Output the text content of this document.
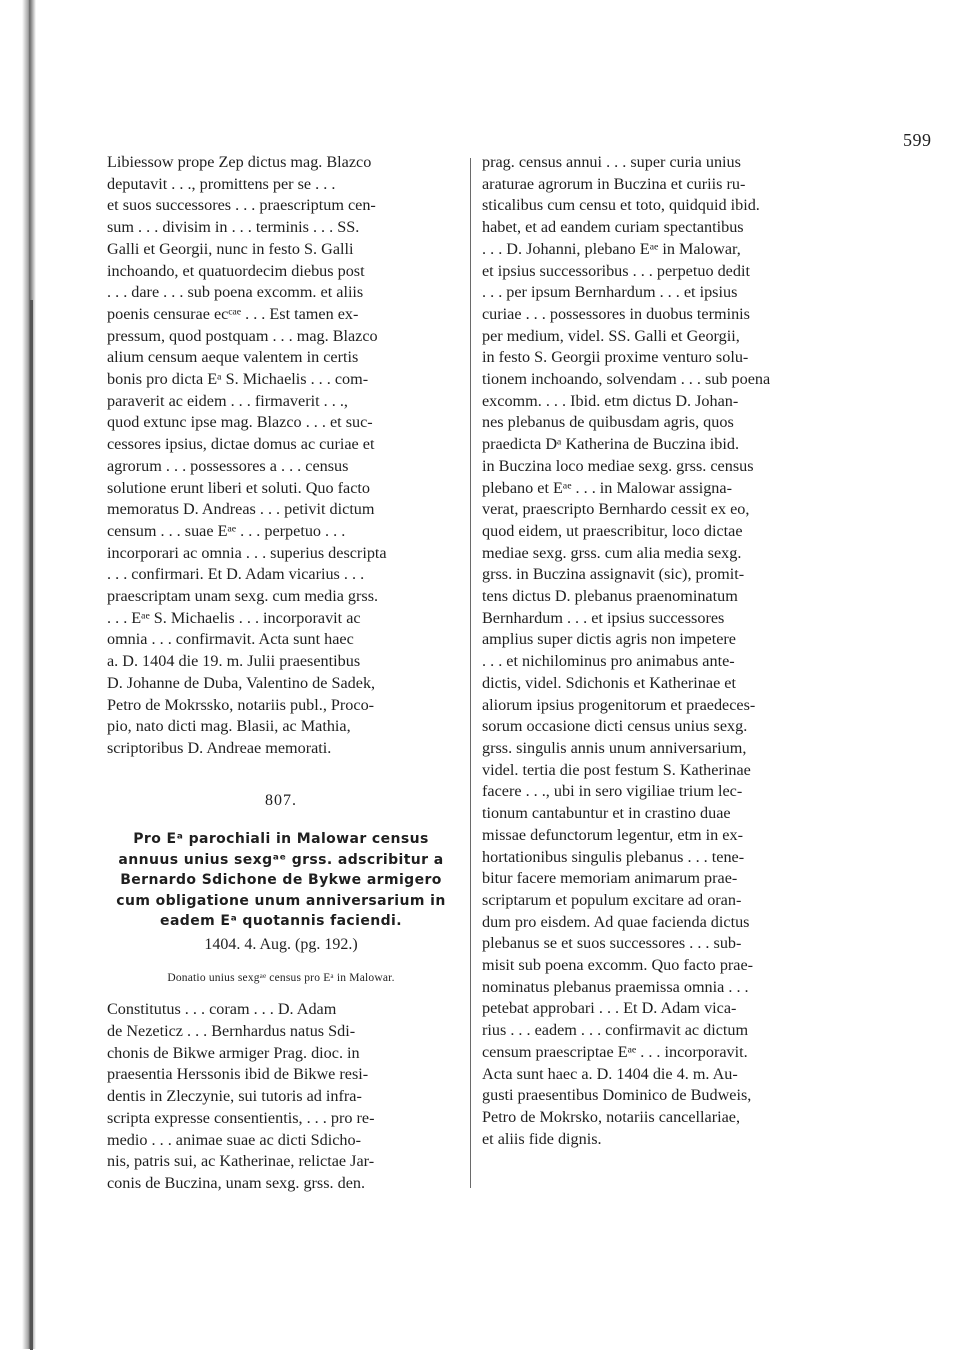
599

Libiessow prope Zep dictus mag. Blazco
deputavit . . ., promittens per se . . .
et suos successores . . . praescriptum cen-
sum . . . divisim in . . . terminis . . . SS.
Galli et Georgii, nunc in festo S. Galli
inchoando, et quatuordecim diebus post
. . . dare . . . sub poena excomm. et aliis
poenis censurae ecᶜᵃᵉ . . . Est tamen ex-
pressum, quod postquam . . . mag. Blazco
alium censum aeque valentem in certis
bonis pro dicta Eᵃ S. Michaelis . . . com-
paraverit ac eidem . . . firmaverit . . .,
quod extunc ipse mag. Blazco . . . et suc-
cessores ipsius, dictae domus ac curiae et
agrorum . . . possessores a . . . census
solutione erunt liberi et soluti. Quo facto
memoratus D. Andreas . . . petivit dictum
censum . . . suae Eᵃᵉ . . . perpetuo . . .
incorporari ac omnia . . . superius descripta
. . . confirmari. Et D. Adam vicarius . . .
praescriptam unam sexg. cum media grss.
. . . Eᵃᵉ S. Michaelis . . . incorporavit ac
omnia . . . confirmavit. Acta sunt haec
a. D. 1404 die 19. m. Julii praesentibus
D. Johanne de Duba, Valentino de Sadek,
Petro de Mokrssko, notariis publ., Proco-
pio, nato dicti mag. Blasii, ac Mathia,
scriptoribus D. Andreae memorati.

807.

Pro Eᵃ parochiali in Malowar census
annuus unius sexgᵃᵉ grss. adscribitur a
Bernardo Sdichone de Bykwe armigero
cum obligatione unum anniversarium in
eadem Eᵃ quotannis faciendi.

1404. 4. Aug. (pg. 192.)
Donatio unius sexgᵃᵉ census pro Eᵃ in Malowar.

Constitutus . . . coram . . . D. Adam
de Nezeticz . . . Bernhardus natus Sdi-
chonis de Bikwe armiger Prag. dioc. in
praesentia Herssonis ibid de Bikwe resi-
dentis in Zleczynie, sui tutoris ad infra-
scripta expresse consentientis, . . . pro re-
medio . . . animae suae ac dicti Sdicho-
nis, patris sui, ac Katherinae, relictae Jar-
conis de Buczina, unam sexg. grss. den.

prag. census annui . . . super curia unius
araturae agrorum in Buczina et curiis ru-
sticalibus cum censu et toto, quidquid ibid.
habet, et ad eandem curiam spectantibus
. . . D. Johanni, plebano Eᵃᵉ in Malowar,
et ipsius successoribus . . . perpetuo dedit
. . . per ipsum Bernhardum . . . et ipsius
curiae . . . possessores in duobus terminis
per medium, videl. SS. Galli et Georgii,
in festo S. Georgii proxime venturo solu-
tionem inchoando, solvendam . . . sub poena
excomm. . . . Ibid. etm dictus D. Johan-
nes plebanus de quibusdam agris, quos
praedicta Dᵃ Katherina de Buczina ibid.
in Buczina loco mediae sexg. grss. census
plebano et Eᵃᵉ . . . in Malowar assigna-
verat, praescripto Bernhardo cessit ex eo,
quod eidem, ut praescribitur, loco dictae
mediae sexg. grss. cum alia media sexg.
grss. in Buczina assignavit (sic), promit-
tens dictus D. plebanus praenominatum
Bernhardum . . . et ipsius successores
amplius super dictis agris non impetere
. . . et nichilominus pro animabus ante-
dictis, videl. Sdichonis et Katherinae et
aliorum ipsius progenitorum et praedeces-
sorum occasione dicti census unius sexg.
grss. singulis annis unum anniversarium,
videl. tertia die post festum S. Katherinae
facere . . ., ubi in sero vigiliae trium lec-
tionum cantabuntur et in crastino duae
missae defunctorum legentur, etm in ex-
hortationibus singulis plebanus . . . tene-
bitur facere memoriam animarum prae-
scriptarum et populum excitare ad oran-
dum pro eisdem. Ad quae facienda dictus
plebanus se et suos successores . . . sub-
misit sub poena excomm. Quo facto prae-
nominatus plebanus praemissa omnia . . .
petebat approbari . . . Et D. Adam vica-
rius . . . eadem . . . confirmavit ac dictum
censum praescriptae Eᵃᵉ . . . incorporavit.
Acta sunt haec a. D. 1404 die 4. m. Au-
gusti praesentibus Dominico de Budweis,
Petro de Mokrsko, notariis cancellariae,
et aliis fide dignis.
